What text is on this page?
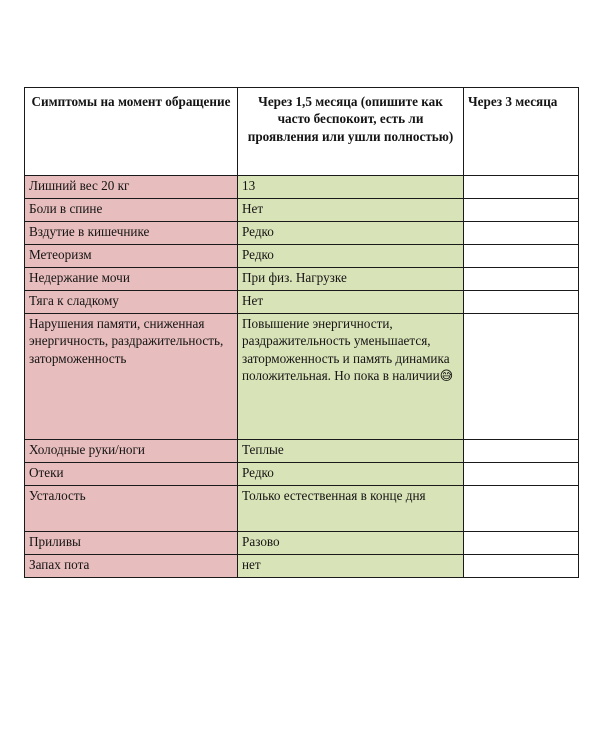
Симптомы на момент обращение	Через 1,5 месяца (опишите как часто беспокоит, есть ли проявления или ушли полностью)	Через 3 месяца
Лишний вес 20 кг	13	
Боли в спине	Нет	
Вздутие в кишечнике	Редко	
Метеоризм	Редко	
Недержание мочи	При физ. Нагрузке	
Тяга к сладкому	Нет	
Нарушения памяти, сниженная энергичность, раздражительность, заторможенность	Повышение энергичности, раздражительность уменьшается, заторможенность и память динамика положительная. Но пока в наличии😅	
Холодные руки/ноги	Теплые	
Отеки	Редко	
Усталость	Только естественная в конце дня	
Приливы	Разово	
Запах пота	нет	
